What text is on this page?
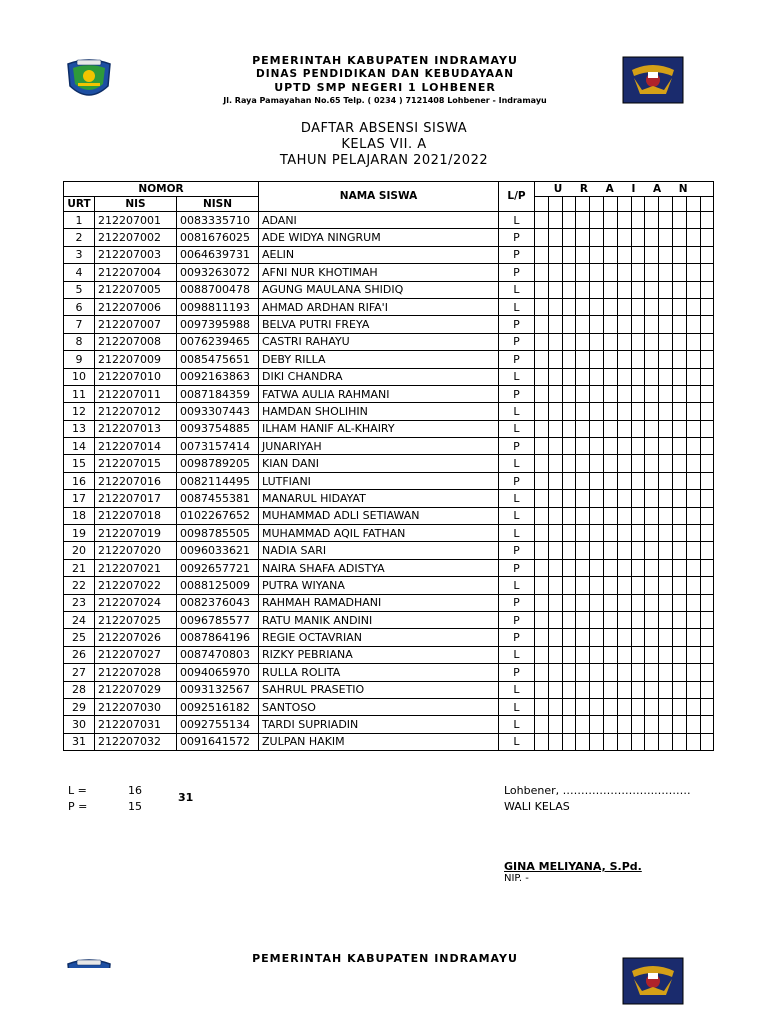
PEMERINTAH KABUPATEN INDRAMAYU
DINAS PENDIDIKAN DAN KEBUDAYAAN
UPTD SMP NEGERI 1 LOHBENER
Jl. Raya Pamayahan No.65 Telp. ( 0234 ) 7121408 Lohbener - Indramayu
DAFTAR ABSENSI SISWA
KELAS VII. A
TAHUN PELAJARAN 2021/2022
NOMOR			NAMA SISWA	L/P	U R A I A N												
URT	NIS	NISN															
1	212207001	0083335710	ADANI	L													
2	212207002	0081676025	ADE WIDYA NINGRUM	P													
3	212207003	0064639731	AELIN	P													
4	212207004	0093263072	AFNI NUR KHOTIMAH	P													
5	212207005	0088700478	AGUNG MAULANA SHIDIQ	L													
6	212207006	0098811193	AHMAD ARDHAN RIFA'I	L													
7	212207007	0097395988	BELVA PUTRI FREYA	P													
8	212207008	0076239465	CASTRI RAHAYU	P													
9	212207009	0085475651	DEBY RILLA	P													
10	212207010	0092163863	DIKI CHANDRA	L													
11	212207011	0087184359	FATWA AULIA RAHMANI	P													
12	212207012	0093307443	HAMDAN SHOLIHIN	L													
13	212207013	0093754885	ILHAM HANIF AL-KHAIRY	L													
14	212207014	0073157414	JUNARIYAH	P													
15	212207015	0098789205	KIAN DANI	L													
16	212207016	0082114495	LUTFIANI	P													
17	212207017	0087455381	MANARUL HIDAYAT	L													
18	212207018	0102267652	MUHAMMAD ADLI SETIAWAN	L													
19	212207019	0098785505	MUHAMMAD AQIL FATHAN	L													
20	212207020	0096033621	NADIA SARI	P													
21	212207021	0092657721	NAIRA SHAFA ADISTYA	P													
22	212207022	0088125009	PUTRA WIYANA	L													
23	212207024	0082376043	RAHMAH RAMADHANI	P													
24	212207025	0096785577	RATU MANIK ANDINI	P													
25	212207026	0087864196	REGIE OCTAVRIAN	P													
26	212207027	0087470803	RIZKY PEBRIANA	L													
27	212207028	0094065970	RULLA ROLITA	P													
28	212207029	0093132567	SAHRUL PRASETIO	L													
29	212207030	0092516182	SANTOSO	L													
30	212207031	0092755134	TARDI SUPRIADIN	L													
31	212207032	0091641572	ZULPAN HAKIM	L													
L =	16
P =	15
31
Lohbener, ……………………..………
WALI KELAS
GINA MELIYANA, S.Pd.
NIP. -
PEMERINTAH KABUPATEN INDRAMAYU
